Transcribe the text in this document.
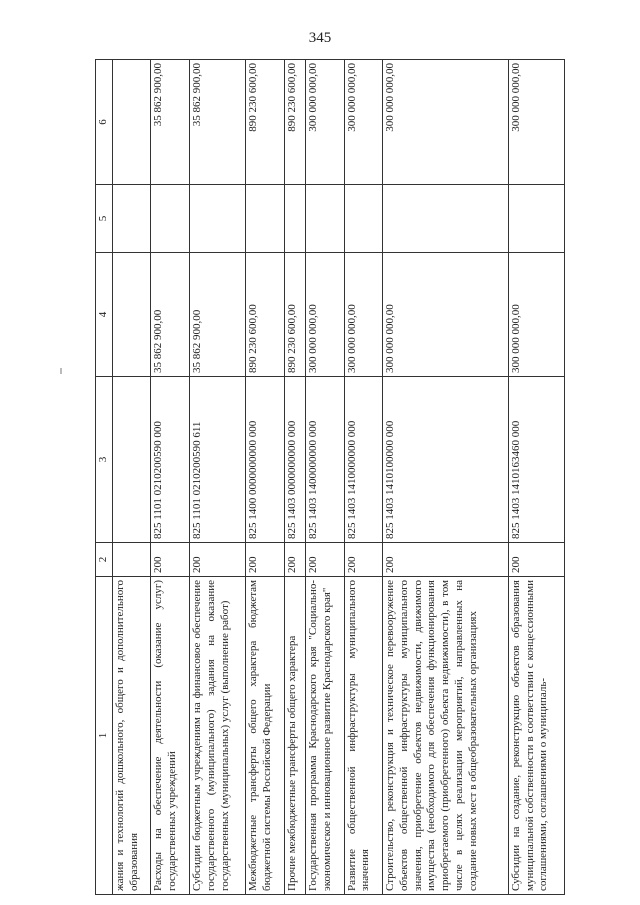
345
1	2	3	4	5	6
жания и технологий дошкольного, общего и дополнительного образования					
Расходы на обеспечение деятельности (оказание услуг) государственных учреждений	200	825 1101 0210200590 000	35 862 900,00		35 862 900,00
Субсидии бюджетным учреждениям на финансовое обеспечение государственного (муниципального) задания на оказание государственных (муниципальных) услуг (выполнение работ)	200	825 1101 0210200590 611	35 862 900,00		35 862 900,00
Межбюджетные трансферты общего характера бюджетам бюджетной системы Российской Федерации	200	825 1400 0000000000 000	890 230 600,00		890 230 600,00
Прочие межбюджетные трансферты общего характера	200	825 1403 0000000000 000	890 230 600,00		890 230 600,00
Государственная программа Краснодарского края "Социально-экономическое и инновационное развитие Краснодарского края"	200	825 1403 1400000000 000	300 000 000,00		300 000 000,00
Развитие общественной инфраструктуры муниципального значения	200	825 1403 1410000000 000	300 000 000,00		300 000 000,00
Строительство, реконструкция и техническое перевооружение объектов общественной инфраструктуры муниципального значения, приобретение объектов недвижимости, движимого имущества (необходимого для обеспечения функционирования приобретаемого (приобретенного) объекта недвижимости), в том числе в целях реализации мероприятий, направленных на создание новых мест в общеобразовательных организациях	200	825 1403 1410100000 000	300 000 000,00		300 000 000,00
Субсидии на создание, реконструкцию объектов образования муниципальной собственности в соответствии с концессионными соглашениями, соглашениями о муниципаль-	200	825 1403 1410163460 000	300 000 000,00		300 000 000,00
